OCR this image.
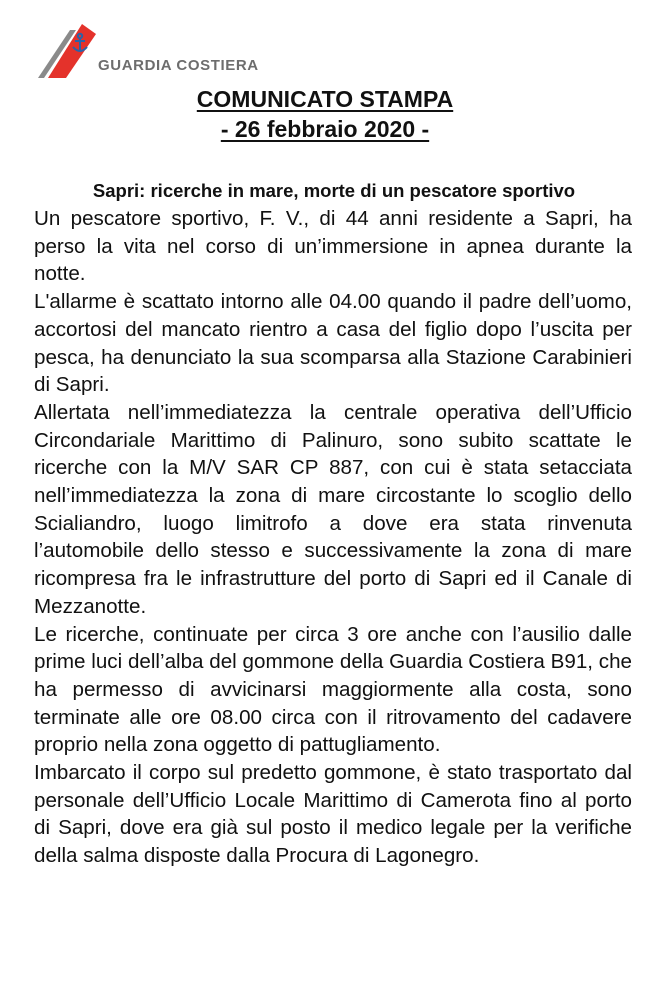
GUARDIA COSTIERA
COMUNICATO STAMPA
- 26 febbraio 2020 -
Sapri: ricerche in mare, morte di un pescatore sportivo

Un pescatore sportivo, F. V., di 44 anni residente a Sapri, ha perso la vita nel corso di un’immersione in apnea durante la notte.

L'allarme è scattato intorno alle 04.00 quando il padre dell’uomo, accortosi del mancato rientro a casa del figlio dopo l’uscita per pesca, ha denunciato la sua scomparsa alla Stazione Carabinieri di Sapri.

Allertata nell’immediatezza la centrale operativa dell’Ufficio Circondariale Marittimo di Palinuro, sono subito scattate le ricerche con la M/V SAR CP 887, con cui è stata setacciata nell’immediatezza la zona di mare circostante lo scoglio dello Scialiandro, luogo limitrofo a dove era stata rinvenuta l’automobile dello stesso e successivamente la zona di mare ricompresa fra le infrastrutture del porto di Sapri ed il Canale di Mezzanotte.

Le ricerche, continuate per circa 3 ore anche con l’ausilio dalle prime luci dell’alba del gommone della Guardia Costiera B91, che ha permesso di avvicinarsi maggiormente alla costa, sono terminate alle ore 08.00 circa con il ritrovamento del cadavere proprio nella zona oggetto di pattugliamento.

Imbarcato il corpo sul predetto gommone, è stato trasportato dal personale dell’Ufficio Locale Marittimo di Camerota fino al porto di Sapri, dove era già sul posto il medico legale per la verifiche della salma disposte dalla Procura di Lagonegro.
